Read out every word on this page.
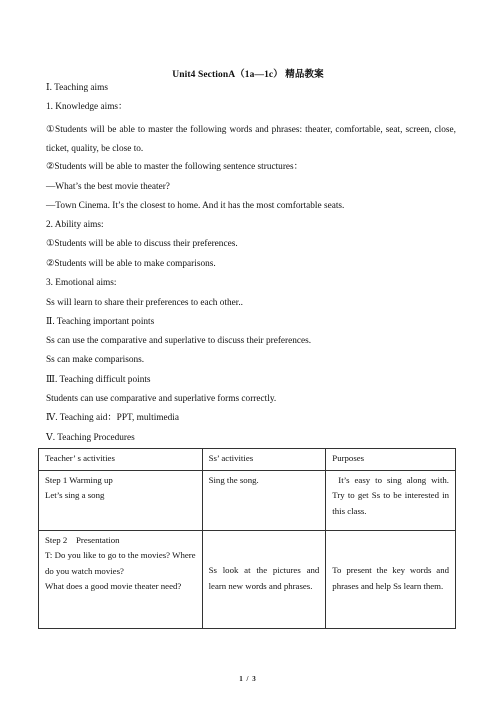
Unit4 SectionA（1a—1c） 精品教案
Ⅰ. Teaching aims
1. Knowledge aims：
①Students will be able to master the following words and phrases: theater, comfortable, seat, screen, close, ticket, quality, be close to.
②Students will be able to master the following sentence structures：
—What’s the best movie theater?
—Town Cinema. It’s the closest to home. And it has the most comfortable seats.
2. Ability aims:
①Students will be able to discuss their preferences.
②Students will be able to make comparisons.
3. Emotional aims:
Ss will learn to share their preferences to each other..
Ⅱ. Teaching important points
Ss can use the comparative and superlative to discuss their preferences.
Ss can make comparisons.
Ⅲ. Teaching difficult points
Students can use comparative and superlative forms correctly.
Ⅳ. Teaching aid：PPT, multimedia
Ⅴ. Teaching Procedures
Teacher’ s activities	Ss’ activities	Purposes

Step 1 Warming up
Let’s sing a song	Sing the song.	It’s easy to sing along with. Try to get Ss to be interested in this class.

Step 2　Presentation
T: Do you like to go to the movies? Where do you watch movies?
What does a good movie theater need?	Ss look at the pictures and learn new words and phrases.	To present the key words and phrases and help Ss learn them.
1 / 3
